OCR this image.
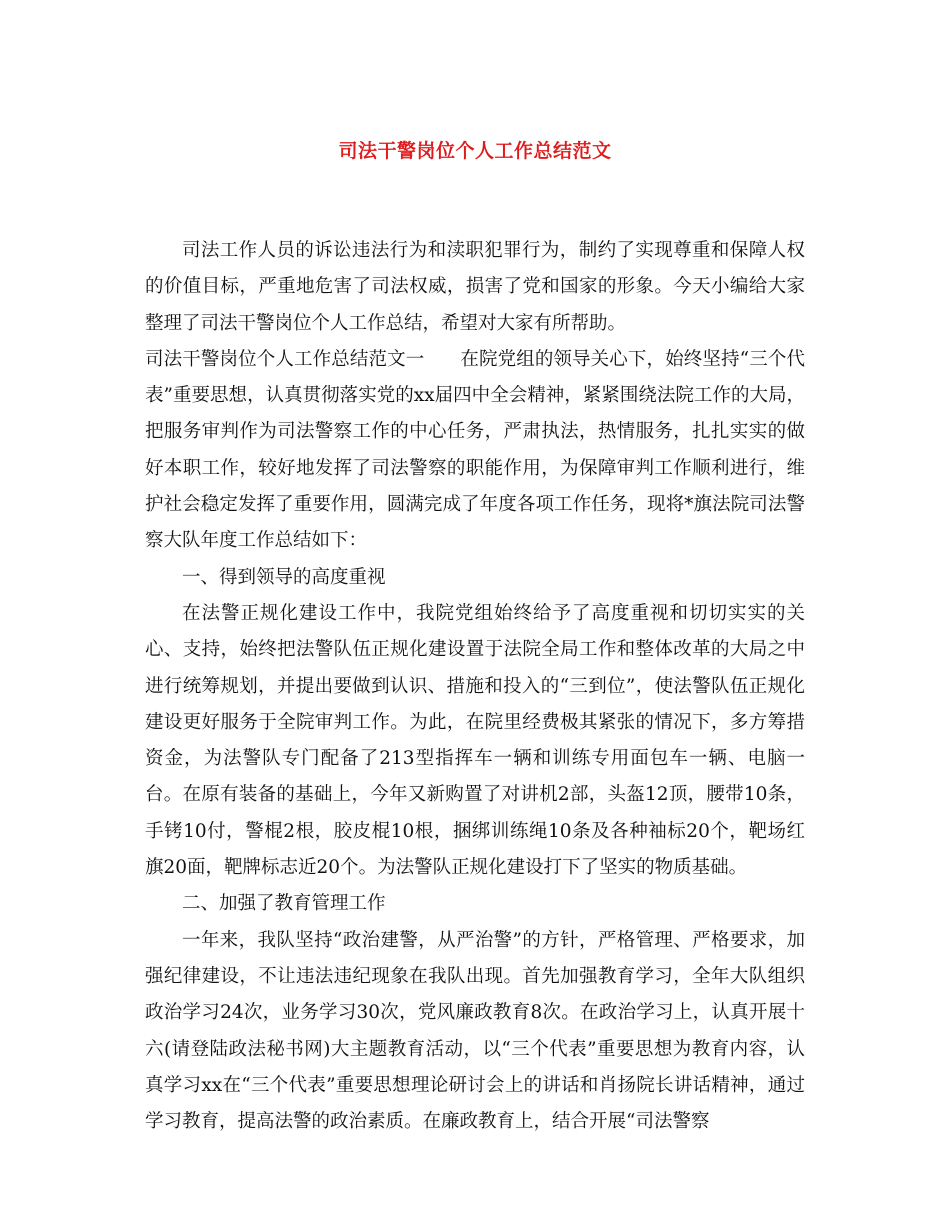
司法干警岗位个人工作总结范文

司法工作人员的诉讼违法行为和渎职犯罪行为，制约了实现尊重和保障人权的价值目标，严重地危害了司法权威，损害了党和国家的形象。今天小编给大家整理了司法干警岗位个人工作总结，希望对大家有所帮助。

司法干警岗位个人工作总结范文一 在院党组的领导关心下，始终坚持“三个代表”重要思想，认真贯彻落实党的xx届四中全会精神，紧紧围绕法院工作的大局，把服务审判作为司法警察工作的中心任务，严肃执法，热情服务，扎扎实实的做好本职工作，较好地发挥了司法警察的职能作用，为保障审判工作顺利进行，维护社会稳定发挥了重要作用，圆满完成了年度各项工作任务，现将*旗法院司法警察大队年度工作总结如下：

一、得到领导的高度重视

在法警正规化建设工作中，我院党组始终给予了高度重视和切切实实的关心、支持，始终把法警队伍正规化建设置于法院全局工作和整体改革的大局之中进行统筹规划，并提出要做到认识、措施和投入的“三到位”，使法警队伍正规化建设更好服务于全院审判工作。为此，在院里经费极其紧张的情况下，多方筹措资金，为法警队专门配备了213型指挥车一辆和训练专用面包车一辆、电脑一台。在原有装备的基础上，今年又新购置了对讲机2部，头盔12顶，腰带10条，手铐10付，警棍2根，胶皮棍10根，捆绑训练绳10条及各种袖标20个，靶场红旗20面，靶牌标志近20个。为法警队正规化建设打下了坚实的物质基础。

二、加强了教育管理工作

一年来，我队坚持“政治建警，从严治警”的方针，严格管理、严格要求，加强纪律建设，不让违法违纪现象在我队出现。首先加强教育学习，全年大队组织政治学习24次，业务学习30次，党风廉政教育8次。在政治学习上，认真开展十六(请登陆政法秘书网)大主题教育活动，以“三个代表”重要思想为教育内容，认真学习xx在“三个代表”重要思想理论研讨会上的讲话和肖扬院长讲话精神，通过学习教育，提高法警的政治素质。在廉政教育上，结合开展“司法警察
